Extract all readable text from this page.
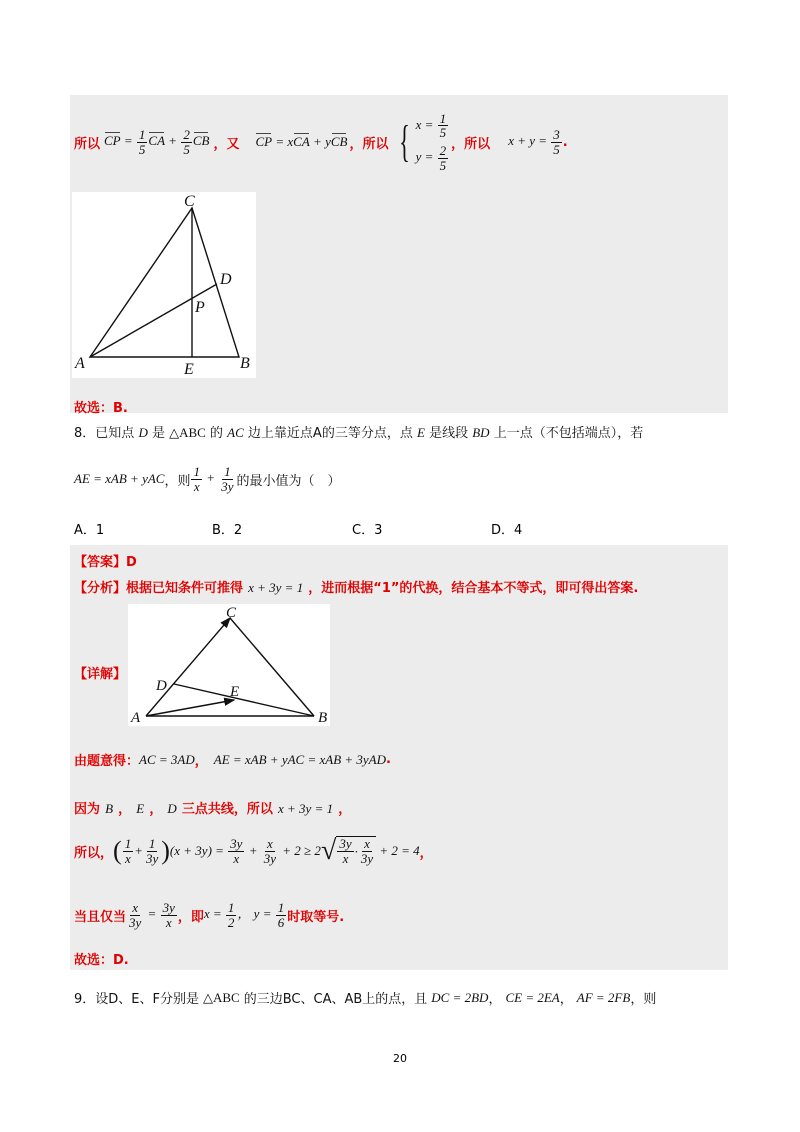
所以 CP = $\frac{1}{5}$ CA + $\frac{2}{5}$ CB ，又 CP = xCA + yCB ，所以 { $x = \frac{1}{5}$
$y = \frac{2}{5}$ ，所以 $x + y = \frac{3}{5}$ .
C
D
P
A	E	B
故选：B.
8．已知点 D 是 △ABC 的 AC 边上靠近点A的三等分点，点 E 是线段 BD 上一点（不包括端点），若
AE = xAB + yAC ，则 $\frac{1}{x} + \frac{1}{3y}$ 的最小值为（　）
A．1	B．2	C．3	D．4
【答案】D
【分析】根据已知条件可推得 x + 3y = 1 ，进而根据“1”的代换，结合基本不等式，即可得出答案.
【详解】
C
D	E
A	B
由题意得： AC = 3AD ， AE = xAB + yAC = xAB + 3yAD .
因为 B ， E ， D 三点共线，所以 x + 3y = 1 ，
所以， ( $\frac{1}{x} + \frac{1}{3y}$ ) $(x + 3y) = \frac{3y}{x} + \frac{x}{3y} + 2 \ge 2$ √ $\frac{3y}{x} \cdot \frac{x}{3y} + 2 = 4$ ，
当且仅当 $\frac{x}{3y} = \frac{3y}{x}$ ，即 $x = \frac{1}{2}$ ， $y = \frac{1}{6}$ 时取等号.
故选：D.
9． 设D、E、F分别是 △ABC 的三边BC、CA、AB上的点，且 DC = 2BD ， CE = 2EA ， AF = 2FB ，则
20
